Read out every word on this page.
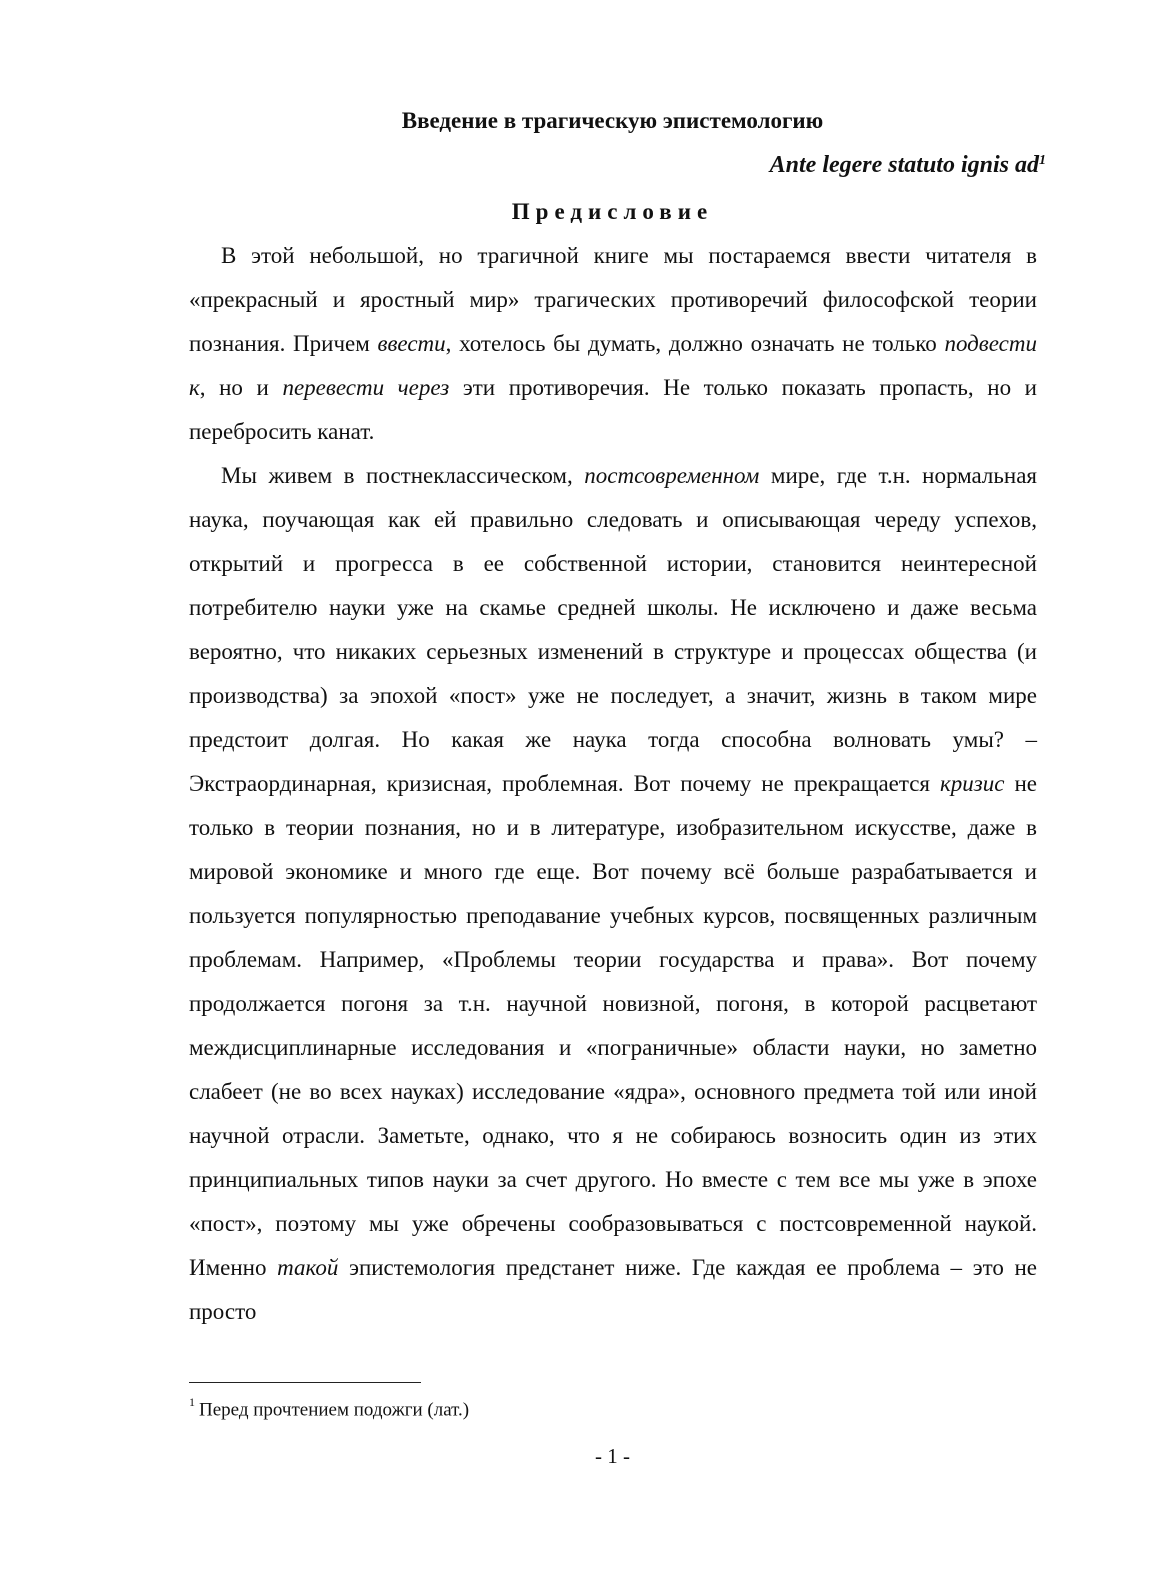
Введение в трагическую эпистемологию
Ante legere statuto ignis $ad^1$
Предисловие

В этой небольшой, но трагичной книге мы постараемся ввести читателя в «прекрасный и яростный мир» трагических противоречий философской теории познания. Причем ввести, хотелось бы думать, должно означать не только подвести к, но и перевести через эти противоречия. Не только показать пропасть, но и перебросить канат.

Мы живем в постнеклассическом, постсовременном мире, где т.н. нормальная наука, поучающая как ей правильно следовать и описывающая череду успехов, открытий и прогресса в ее собственной истории, становится неинтересной потребителю науки уже на скамье средней школы. Не исключено и даже весьма вероятно, что никаких серьезных изменений в структуре и процессах общества (и производства) за эпохой «пост» уже не последует, а значит, жизнь в таком мире предстоит долгая. Но какая же наука тогда способна волновать умы? – Экстраординарная, кризисная, проблемная. Вот почему не прекращается кризис не только в теории познания, но и в литературе, изобразительном искусстве, даже в мировой экономике и много где еще. Вот почему всё больше разрабатывается и пользуется популярностью преподавание учебных курсов, посвященных различным проблемам. Например, «Проблемы теории государства и права». Вот почему продолжается погоня за т.н. научной новизной, погоня, в которой расцветают междисциплинарные исследования и «пограничные» области науки, но заметно слабеет (не во всех науках) исследование «ядра», основного предмета той или иной научной отрасли. Заметьте, однако, что я не собираюсь возносить один из этих принципиальных типов науки за счет другого. Но вместе с тем все мы уже в эпохе «пост», поэтому мы уже обречены сообразовываться с постсовременной наукой. Именно такой эпистемология предстанет ниже. Где каждая ее проблема – это не просто

$^1$ Перед прочтением подожги (лат.)
- 1 -
